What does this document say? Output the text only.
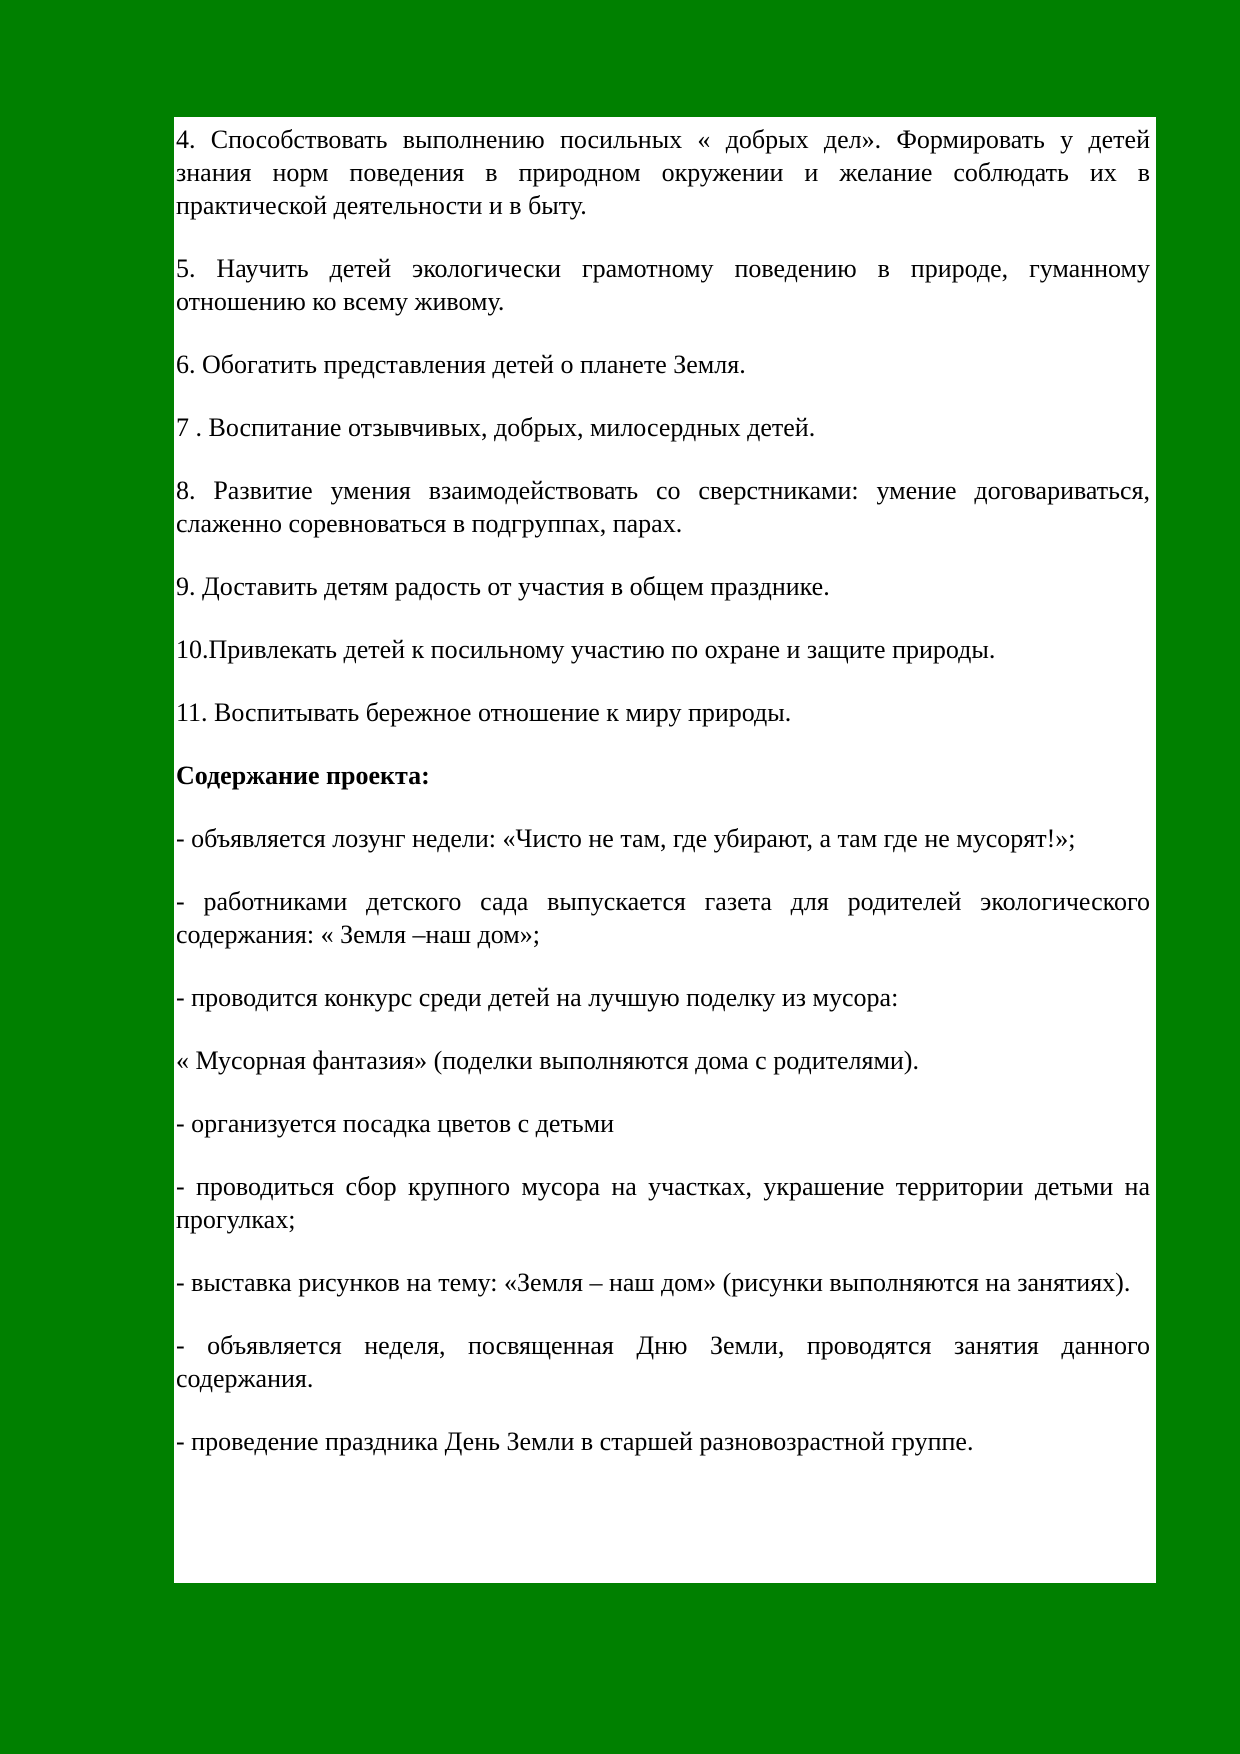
4. Способствовать выполнению посильных « добрых дел». Формировать у детей знания норм поведения в природном окружении и желание соблюдать их в практической деятельности и в быту.

5. Научить детей экологически грамотному поведению в природе, гуманному отношению ко всему живому.

6. Обогатить представления детей о планете Земля.

7 . Воспитание отзывчивых, добрых, милосердных детей.

8. Развитие умения взаимодействовать со сверстниками: умение договариваться, слаженно соревноваться в подгруппах, парах.

9. Доставить детям радость от участия в общем празднике.

10.Привлекать детей к посильному участию по охране и защите природы.

11. Воспитывать бережное отношение к миру природы.

Содержание проекта:

- объявляется лозунг недели: «Чисто не там, где убирают, а там где не мусорят!»;

- работниками детского сада выпускается газета для родителей экологического содержания: « Земля –наш дом»;

- проводится конкурс среди детей на лучшую поделку из мусора:

« Мусорная фантазия» (поделки выполняются дома с родителями).

- организуется посадка цветов с детьми

- проводиться сбор крупного мусора на участках, украшение территории детьми на прогулках;

- выставка рисунков на тему: «Земля – наш дом» (рисунки выполняются на занятиях).

- объявляется неделя, посвященная Дню Земли, проводятся занятия данного содержания.

- проведение праздника День Земли в старшей разновозрастной группе.
